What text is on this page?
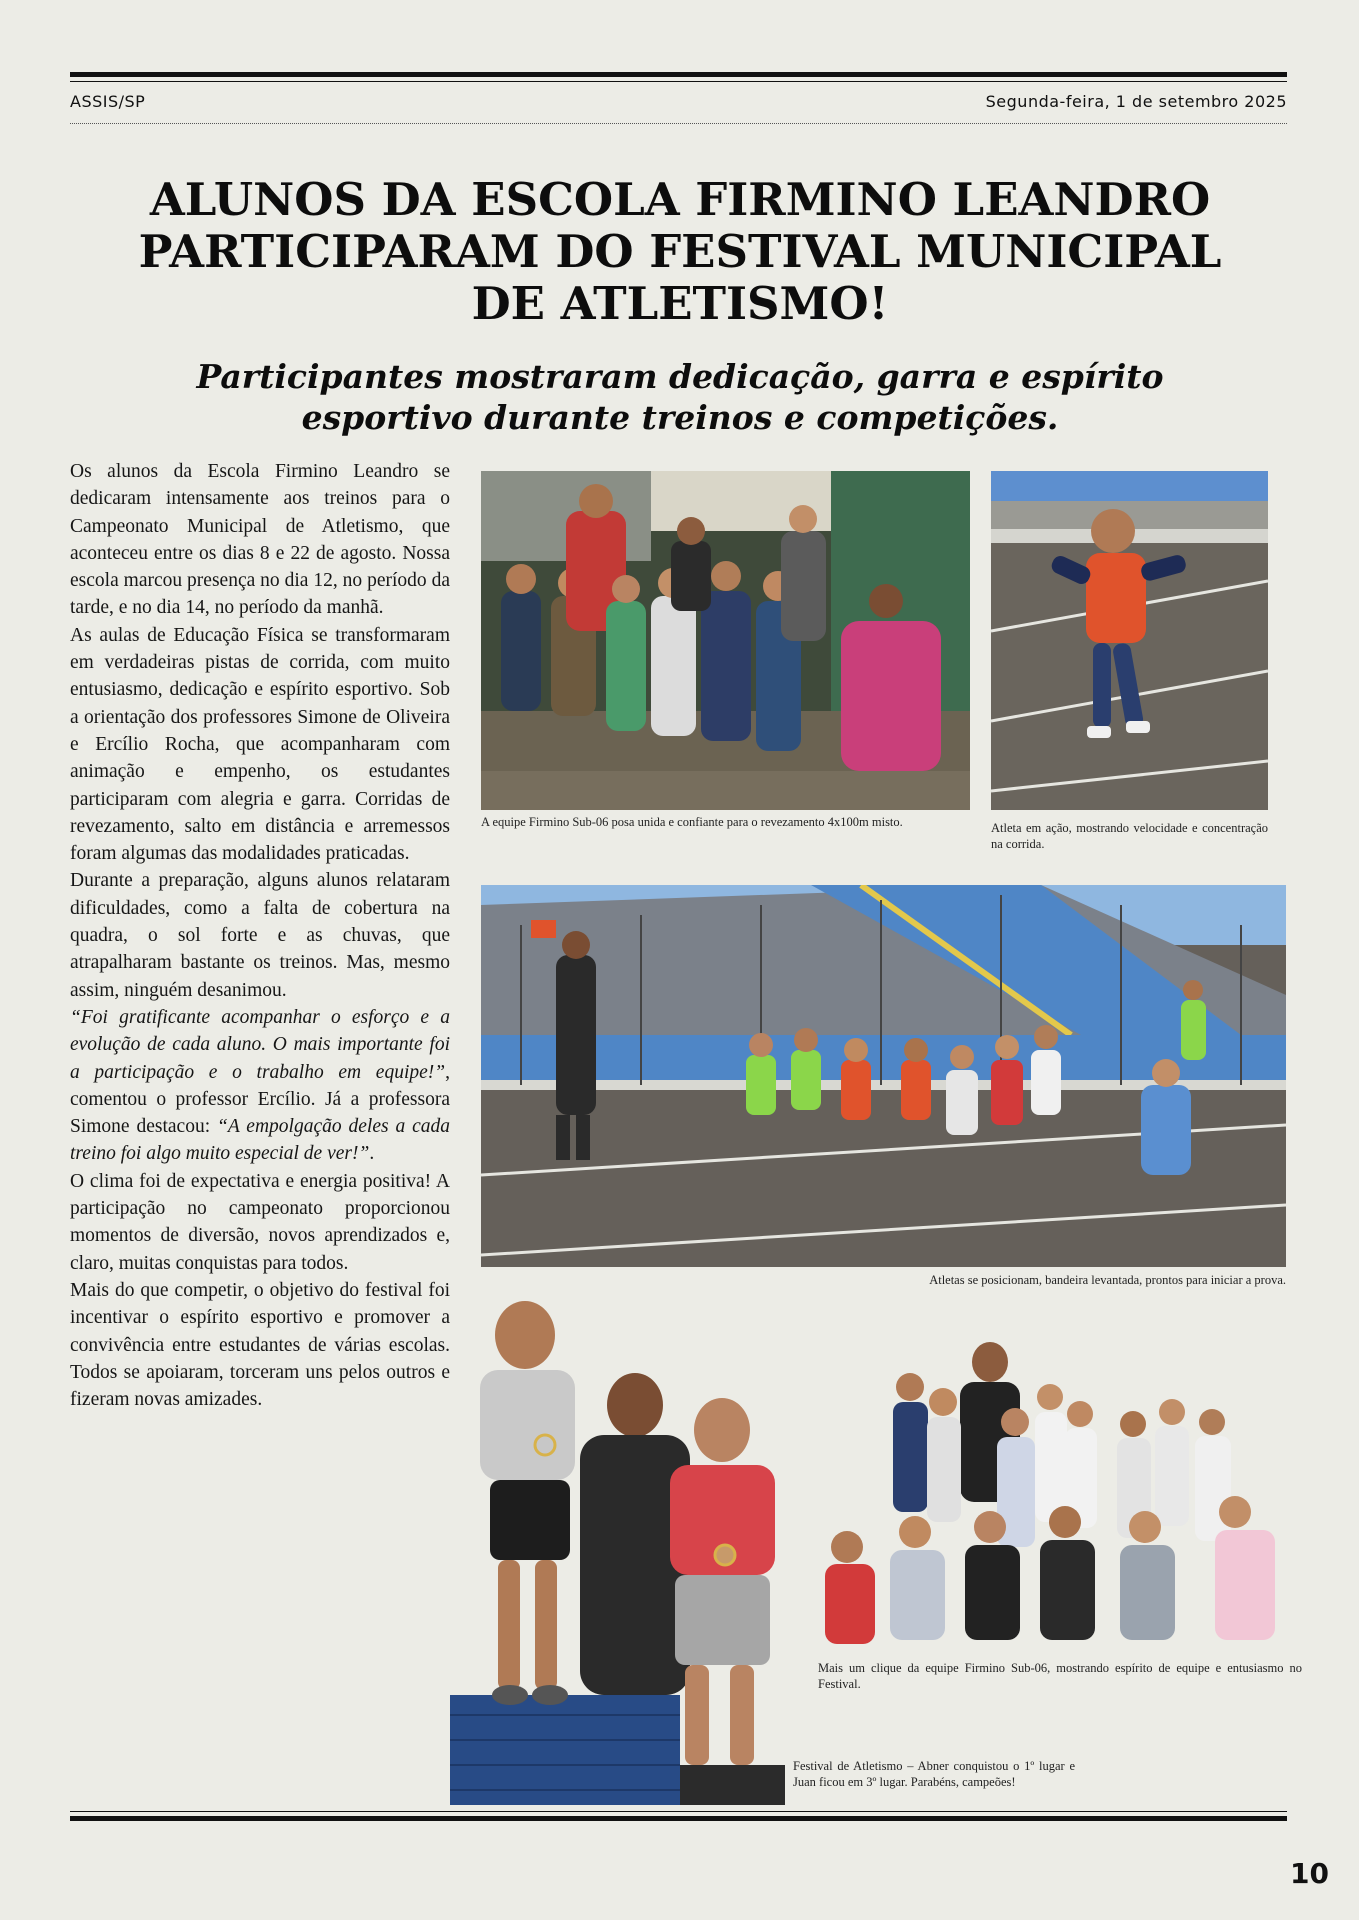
ASSIS/SP	Segunda-feira, 1 de setembro 2025
ALUNOS DA ESCOLA FIRMINO LEANDRO PARTICIPARAM DO FESTIVAL MUNICIPAL DE ATLETISMO!
Participantes mostraram dedicação, garra e espírito esportivo durante treinos e competições.

Os alunos da Escola Firmino Leandro se dedicaram intensamente aos treinos para o Campeonato Municipal de Atletismo, que aconteceu entre os dias 8 e 22 de agosto. Nossa escola marcou presença no dia 12, no período da tarde, e no dia 14, no período da manhã.

As aulas de Educação Física se transformaram em verdadeiras pistas de corrida, com muito entusiasmo, dedicação e espírito esportivo. Sob a orientação dos professores Simone de Oliveira e Ercílio Rocha, que acompanharam com animação e empenho, os estudantes participaram com alegria e garra. Corridas de revezamento, salto em distância e arremessos foram algumas das modalidades praticadas.

Durante a preparação, alguns alunos relataram dificuldades, como a falta de cobertura na quadra, o sol forte e as chuvas, que atrapalharam bastante os treinos. Mas, mesmo assim, ninguém desanimou.

“Foi gratificante acompanhar o esforço e a evolução de cada aluno. O mais importante foi a participação e o trabalho em equipe!”, comentou o professor Ercílio. Já a professora Simone destacou: “A empolgação deles a cada treino foi algo muito especial de ver!”.

O clima foi de expectativa e energia positiva! A participação no campeonato proporcionou momentos de diversão, novos aprendizados e, claro, muitas conquistas para todos.

Mais do que competir, o objetivo do festival foi incentivar o espírito esportivo e promover a convivência entre estudantes de várias escolas. Todos se apoiaram, torceram uns pelos outros e fizeram novas amizades.

A equipe Firmino Sub-06 posa unida e confiante para o revezamento 4x100m misto.	Atleta em ação, mostrando velocidade e concentração na corrida.
Atletas se posicionam, bandeira levantada, prontos para iniciar a prova.
Festival de Atletismo – Abner conquistou o 1º lugar e Juan ficou em 3º lugar. Parabéns, campeões!
Mais um clique da equipe Firmino Sub-06, mostrando espírito de equipe e entusiasmo no Festival.
10
